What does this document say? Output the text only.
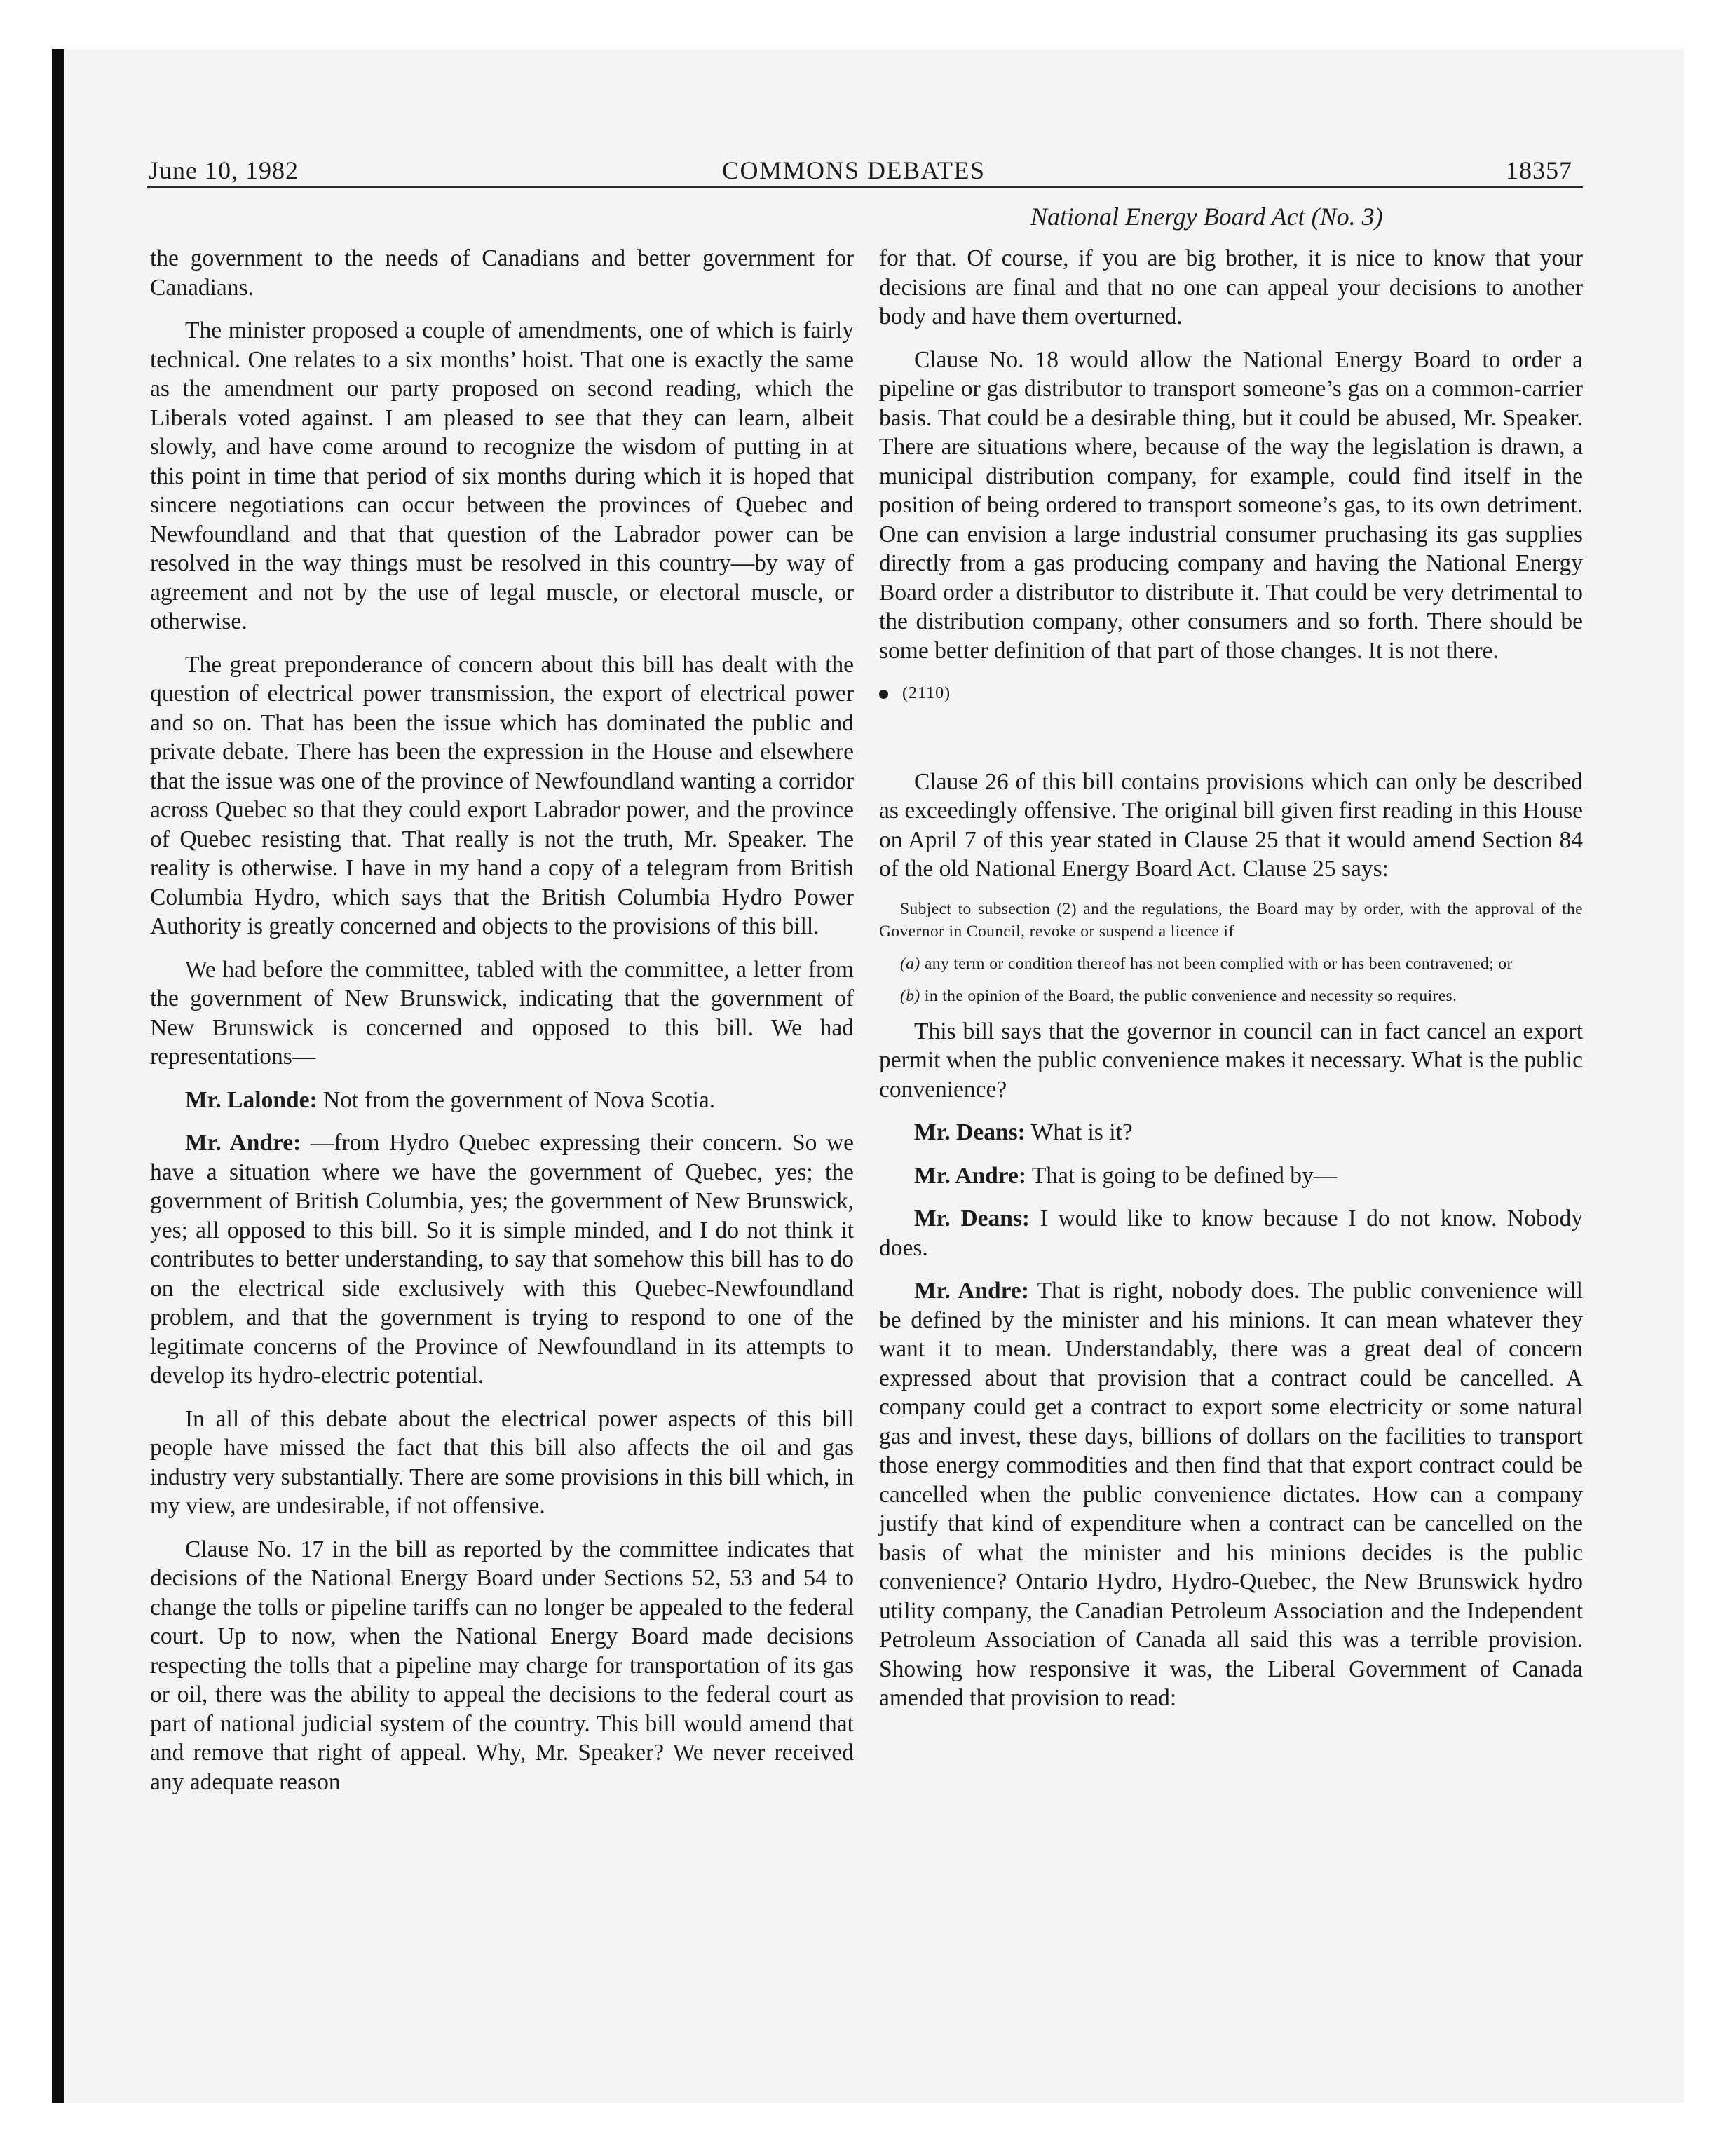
June 10, 1982	COMMONS DEBATES	18357
National Energy Board Act (No. 3)

the government to the needs of Canadians and better government for Canadians.

The minister proposed a couple of amendments, one of which is fairly technical. One relates to a six months’ hoist. That one is exactly the same as the amendment our party proposed on second reading, which the Liberals voted against. I am pleased to see that they can learn, albeit slowly, and have come around to recognize the wisdom of putting in at this point in time that period of six months during which it is hoped that sincere negotiations can occur between the provinces of Quebec and Newfoundland and that that question of the Labrador power can be resolved in the way things must be resolved in this country—by way of agreement and not by the use of legal muscle, or electoral muscle, or otherwise.

The great preponderance of concern about this bill has dealt with the question of electrical power transmission, the export of electrical power and so on. That has been the issue which has dominated the public and private debate. There has been the expression in the House and elsewhere that the issue was one of the province of Newfoundland wanting a corridor across Quebec so that they could export Labrador power, and the province of Quebec resisting that. That really is not the truth, Mr. Speaker. The reality is otherwise. I have in my hand a copy of a telegram from British Columbia Hydro, which says that the British Columbia Hydro Power Authority is greatly concerned and objects to the provisions of this bill.

We had before the committee, tabled with the committee, a letter from the government of New Brunswick, indicating that the government of New Brunswick is concerned and opposed to this bill. We had representations—

Mr. Lalonde: Not from the government of Nova Scotia.

Mr. Andre: —from Hydro Quebec expressing their concern. So we have a situation where we have the government of Quebec, yes; the government of British Columbia, yes; the government of New Brunswick, yes; all opposed to this bill. So it is simple minded, and I do not think it contributes to better understanding, to say that somehow this bill has to do on the electrical side exclusively with this Quebec-Newfoundland problem, and that the government is trying to respond to one of the legitimate concerns of the Province of Newfoundland in its attempts to develop its hydro-electric potential.

In all of this debate about the electrical power aspects of this bill people have missed the fact that this bill also affects the oil and gas industry very substantially. There are some provisions in this bill which, in my view, are undesirable, if not offensive.

Clause No. 17 in the bill as reported by the committee indicates that decisions of the National Energy Board under Sections 52, 53 and 54 to change the tolls or pipeline tariffs can no longer be appealed to the federal court. Up to now, when the National Energy Board made decisions respecting the tolls that a pipeline may charge for transportation of its gas or oil, there was the ability to appeal the decisions to the federal court as part of national judicial system of the country. This bill would amend that and remove that right of appeal. Why, Mr. Speaker? We never received any adequate reason

for that. Of course, if you are big brother, it is nice to know that your decisions are final and that no one can appeal your decisions to another body and have them overturned.

Clause No. 18 would allow the National Energy Board to order a pipeline or gas distributor to transport someone’s gas on a common-carrier basis. That could be a desirable thing, but it could be abused, Mr. Speaker. There are situations where, because of the way the legislation is drawn, a municipal distribution company, for example, could find itself in the position of being ordered to transport someone’s gas, to its own detriment. One can envision a large industrial consumer pruchasing its gas supplies directly from a gas producing company and having the National Energy Board order a distributor to distribute it. That could be very detrimental to the distribution company, other consumers and so forth. There should be some better definition of that part of those changes. It is not there.

(2110)

Clause 26 of this bill contains provisions which can only be described as exceedingly offensive. The original bill given first reading in this House on April 7 of this year stated in Clause 25 that it would amend Section 84 of the old National Energy Board Act. Clause 25 says:

Subject to subsection (2) and the regulations, the Board may by order, with the approval of the Governor in Council, revoke or suspend a licence if
(a) any term or condition thereof has not been complied with or has been contravened; or
(b) in the opinion of the Board, the public convenience and necessity so requires.

This bill says that the governor in council can in fact cancel an export permit when the public convenience makes it necessary. What is the public convenience?

Mr. Deans: What is it?

Mr. Andre: That is going to be defined by—

Mr. Deans: I would like to know because I do not know. Nobody does.

Mr. Andre: That is right, nobody does. The public convenience will be defined by the minister and his minions. It can mean whatever they want it to mean. Understandably, there was a great deal of concern expressed about that provision that a contract could be cancelled. A company could get a contract to export some electricity or some natural gas and invest, these days, billions of dollars on the facilities to transport those energy commodities and then find that that export contract could be cancelled when the public convenience dictates. How can a company justify that kind of expenditure when a contract can be cancelled on the basis of what the minister and his minions decides is the public convenience? Ontario Hydro, Hydro-Quebec, the New Brunswick hydro utility company, the Canadian Petroleum Association and the Independent Petroleum Association of Canada all said this was a terrible provision. Showing how responsive it was, the Liberal Government of Canada amended that provision to read:
